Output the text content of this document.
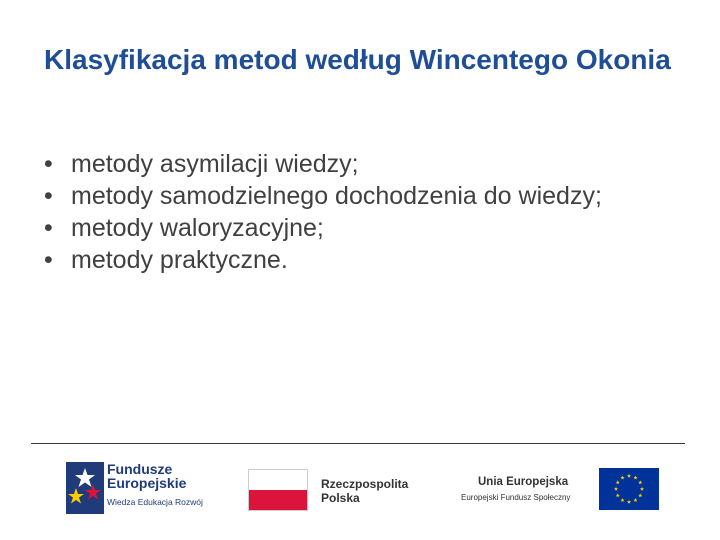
Klasyfikacja metod według Wincentego Okonia
• metody asymilacji wiedzy;
• metody samodzielnego dochodzenia do wiedzy;
• metody waloryzacyjne;
• metody praktyczne.
Fundusze Europejskie
Wiedza Edukacja Rozwój
Rzeczpospolita Polska
Unia Europejska
Europejski Fundusz Społeczny
